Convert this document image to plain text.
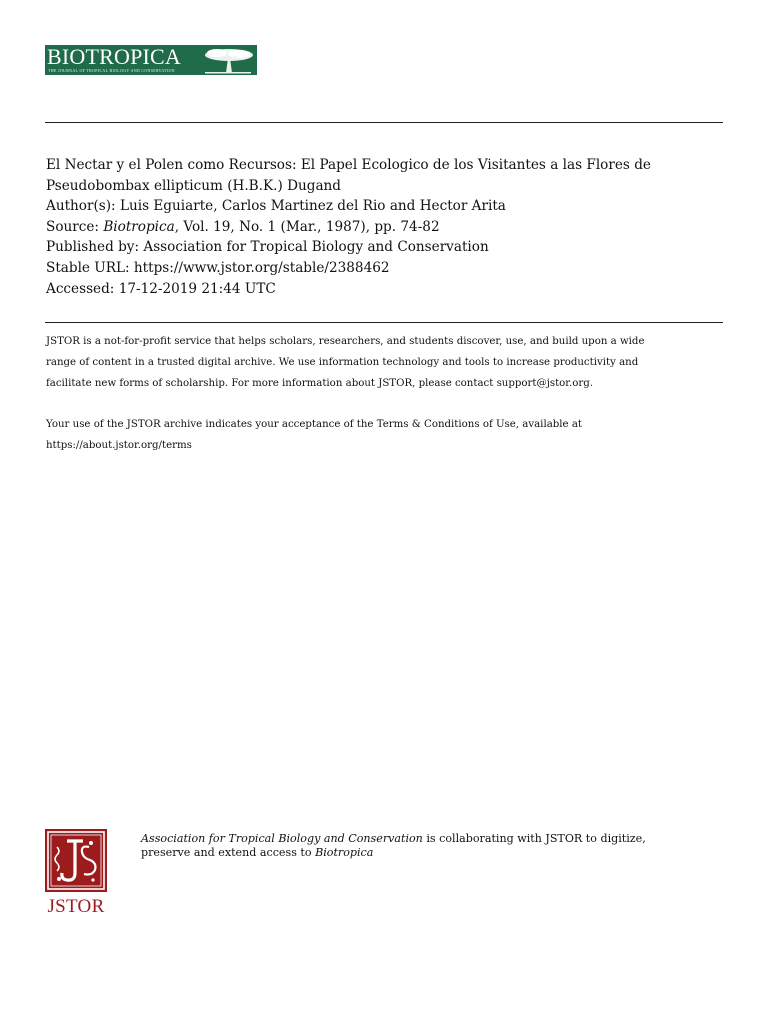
BIOTROPICA
THE JOURNAL OF TROPICAL BIOLOGY AND CONSERVATION
El Nectar y el Polen como Recursos: El Papel Ecologico de los Visitantes a las Flores de
Pseudobombax ellipticum (H.B.K.) Dugand
Author(s): Luis Eguiarte, Carlos Martinez del Rio and Hector Arita
Source: Biotropica, Vol. 19, No. 1 (Mar., 1987), pp. 74-82
Published by: Association for Tropical Biology and Conservation
Stable URL: https://www.jstor.org/stable/2388462
Accessed: 17-12-2019 21:44 UTC
JSTOR is a not-for-profit service that helps scholars, researchers, and students discover, use, and build upon a wide
range of content in a trusted digital archive. We use information technology and tools to increase productivity and
facilitate new forms of scholarship. For more information about JSTOR, please contact support@jstor.org.
Your use of the JSTOR archive indicates your acceptance of the Terms & Conditions of Use, available at
https://about.jstor.org/terms
JSTOR
Association for Tropical Biology and Conservation is collaborating with JSTOR to digitize,
preserve and extend access to Biotropica
